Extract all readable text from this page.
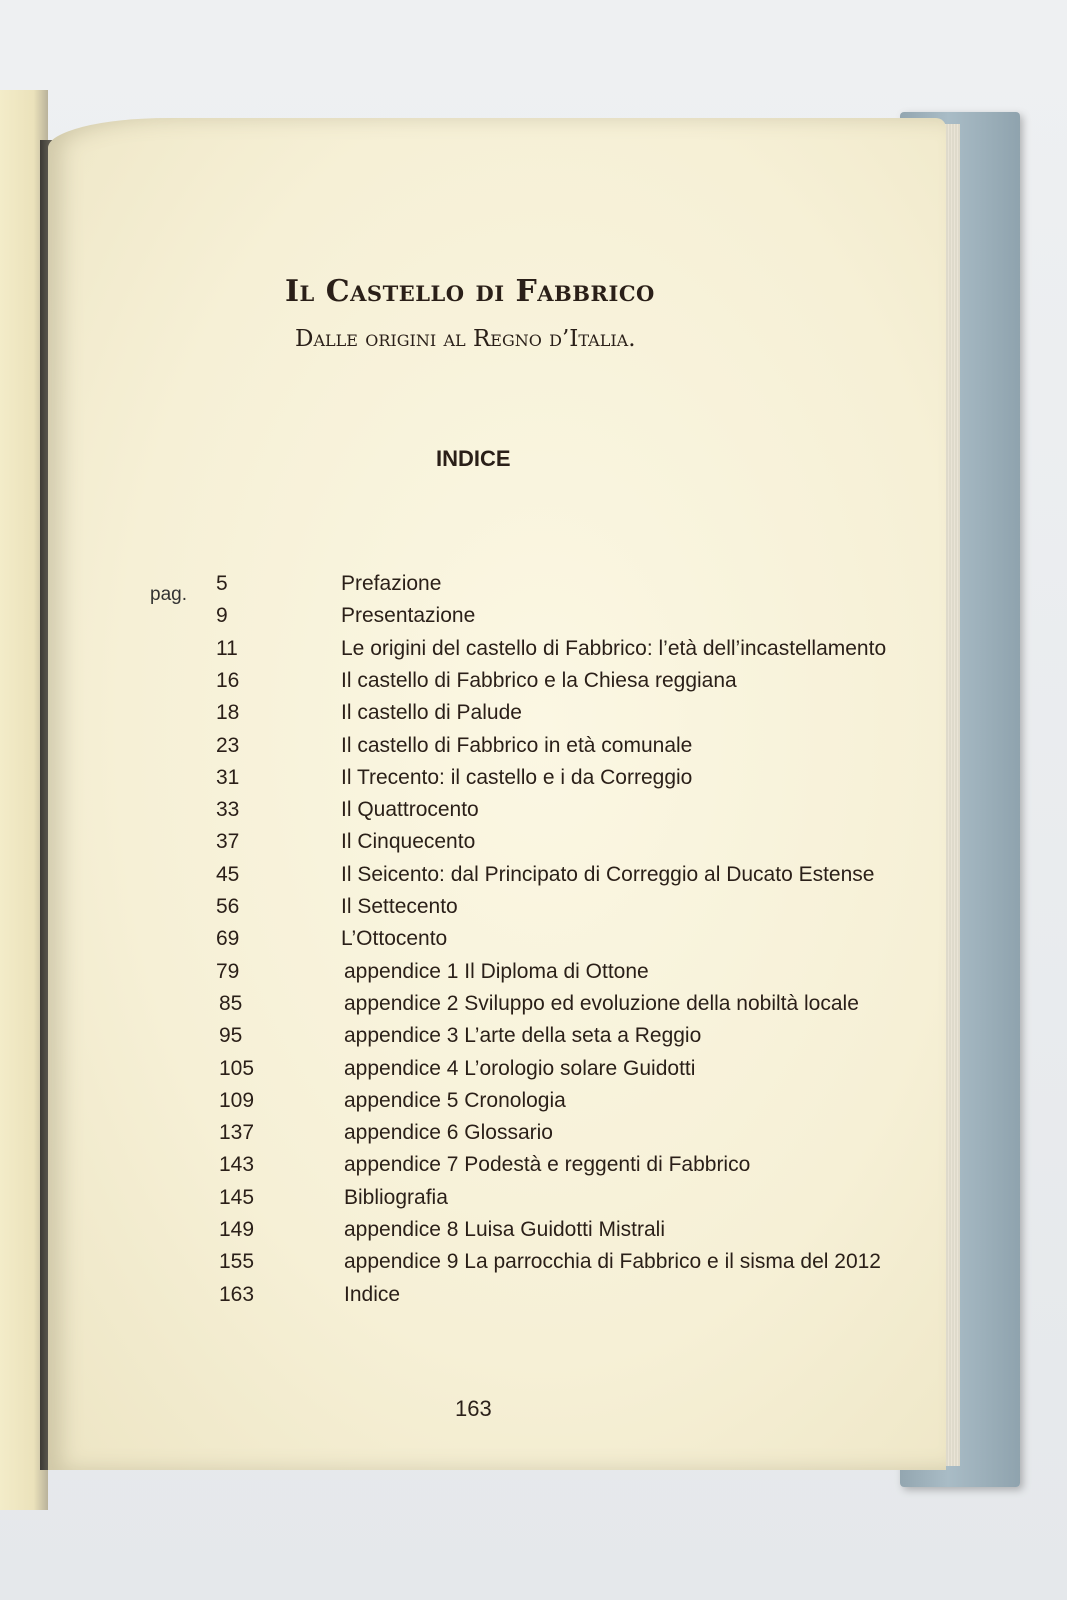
Il Castello di Fabbrico
Dalle origini al Regno d’Italia.
INDICE
pag. 5	Prefazione
9	Presentazione
11	Le origini del castello di Fabbrico: l’età dell’incastellamento
16	Il castello di Fabbrico e la Chiesa reggiana
18	Il castello di Palude
23	Il castello di Fabbrico in età comunale
31	Il Trecento: il castello e i da Correggio
33	Il Quattrocento
37	Il Cinquecento
45	Il Seicento: dal Principato di Correggio al Ducato Estense
56	Il Settecento
69	L’Ottocento
79	appendice 1 Il Diploma di Ottone
85	appendice 2 Sviluppo ed evoluzione della nobiltà locale
95	appendice 3 L’arte della seta a Reggio
105	appendice 4 L’orologio solare Guidotti
109	appendice 5 Cronologia
137	appendice 6 Glossario
143	appendice 7 Podestà e reggenti di Fabbrico
145	Bibliografia
149	appendice 8 Luisa Guidotti Mistrali
155	appendice 9 La parrocchia di Fabbrico e il sisma del 2012
163	Indice
163
